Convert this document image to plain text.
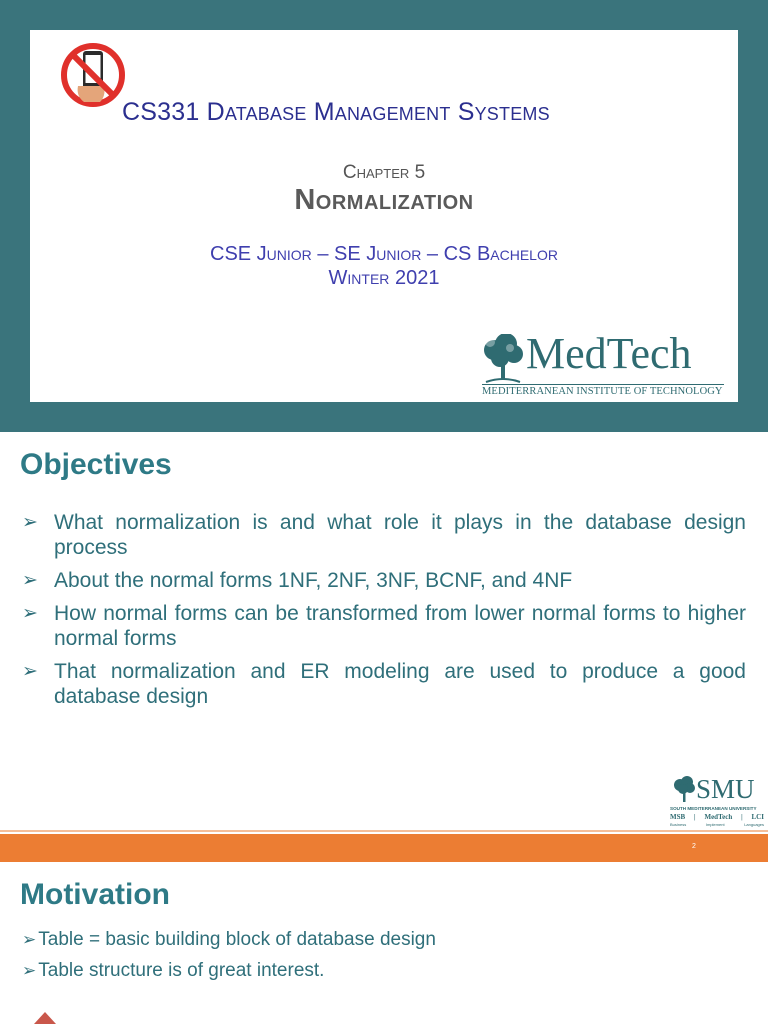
CS331 Database Management Systems
Chapter 5
Normalization
CSE Junior – SE Junior – CS Bachelor
Winter 2021
MedTech
MEDITERRANEAN INSTITUTE OF TECHNOLOGY
Objectives
➢ What normalization is and what role it plays in the database design process
➢ About the normal forms 1NF, 2NF, 3NF, BCNF, and 4NF
➢ How normal forms can be transformed from lower normal forms to higher normal forms
➢ That normalization and ER modeling are used to produce a good database design
SMU
SOUTH MEDITERRANEAN UNIVERSITY
MSB | MedTech | LCI
Business	Implement	Languages
2
Motivation
➢ Table = basic building block of database design
➢ Table structure is of great interest.
